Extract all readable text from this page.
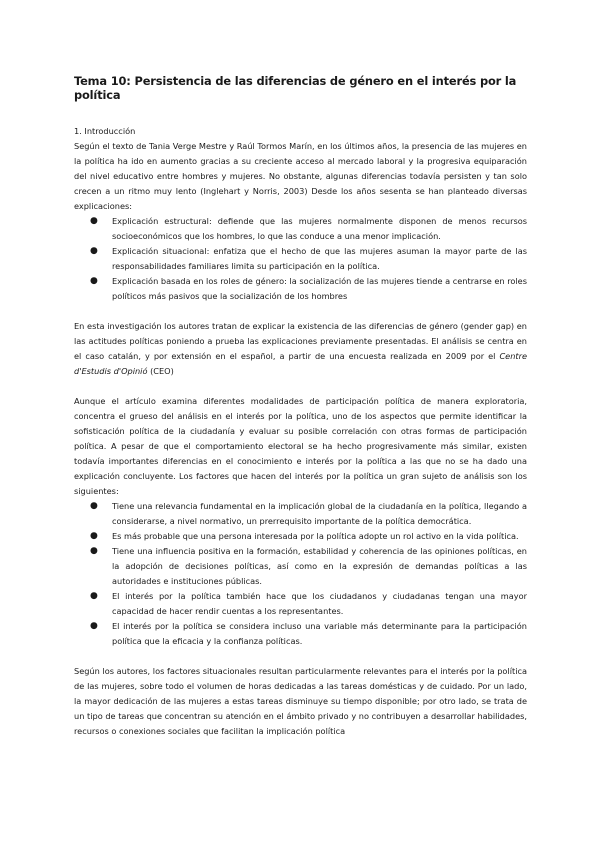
Tema 10: Persistencia de las diferencias de género en el interés por la política
1. Introducción

Según el texto de Tania Verge Mestre y Raúl Tormos Marín, en los últimos años, la presencia de las mujeres en la política ha ido en aumento gracias a su creciente acceso al mercado laboral y la progresiva equiparación del nivel educativo entre hombres y mujeres. No obstante, algunas diferencias todavía persisten y tan solo crecen a un ritmo muy lento (Inglehart y Norris, 2003) Desde los años sesenta se han planteado diversas explicaciones:

● Explicación estructural: defiende que las mujeres normalmente disponen de menos recursos socioeconómicos que los hombres, lo que las conduce a una menor implicación.
● Explicación situacional: enfatiza que el hecho de que las mujeres asuman la mayor parte de las responsabilidades familiares limita su participación en la política.
● Explicación basada en los roles de género: la socialización de las mujeres tiende a centrarse en roles políticos más pasivos que la socialización de los hombres

En esta investigación los autores tratan de explicar la existencia de las diferencias de género (gender gap) en las actitudes políticas poniendo a prueba las explicaciones previamente presentadas. El análisis se centra en el caso catalán, y por extensión en el español, a partir de una encuesta realizada en 2009 por el Centre d'Estudis d'Opinió (CEO)

Aunque el artículo examina diferentes modalidades de participación política de manera exploratoria, concentra el grueso del análisis en el interés por la política, uno de los aspectos que permite identificar la sofisticación política de la ciudadanía y evaluar su posible correlación con otras formas de participación política. A pesar de que el comportamiento electoral se ha hecho progresivamente más similar, existen todavía importantes diferencias en el conocimiento e interés por la política a las que no se ha dado una explicación concluyente. Los factores que hacen del interés por la política un gran sujeto de análisis son los siguientes:

● Tiene una relevancia fundamental en la implicación global de la ciudadanía en la política, llegando a considerarse, a nivel normativo, un prerrequisito importante de la política democrática.
● Es más probable que una persona interesada por la política adopte un rol activo en la vida política.
● Tiene una influencia positiva en la formación, estabilidad y coherencia de las opiniones políticas, en la adopción de decisiones políticas, así como en la expresión de demandas políticas a las autoridades e instituciones públicas.
● El interés por la política también hace que los ciudadanos y ciudadanas tengan una mayor capacidad de hacer rendir cuentas a los representantes.
● El interés por la política se considera incluso una variable más determinante para la participación política que la eficacia y la confianza políticas.

Según los autores, los factores situacionales resultan particularmente relevantes para el interés por la política de las mujeres, sobre todo el volumen de horas dedicadas a las tareas domésticas y de cuidado. Por un lado, la mayor dedicación de las mujeres a estas tareas disminuye su tiempo disponible; por otro lado, se trata de un tipo de tareas que concentran su atención en el ámbito privado y no contribuyen a desarrollar habilidades, recursos o conexiones sociales que facilitan la implicación política
